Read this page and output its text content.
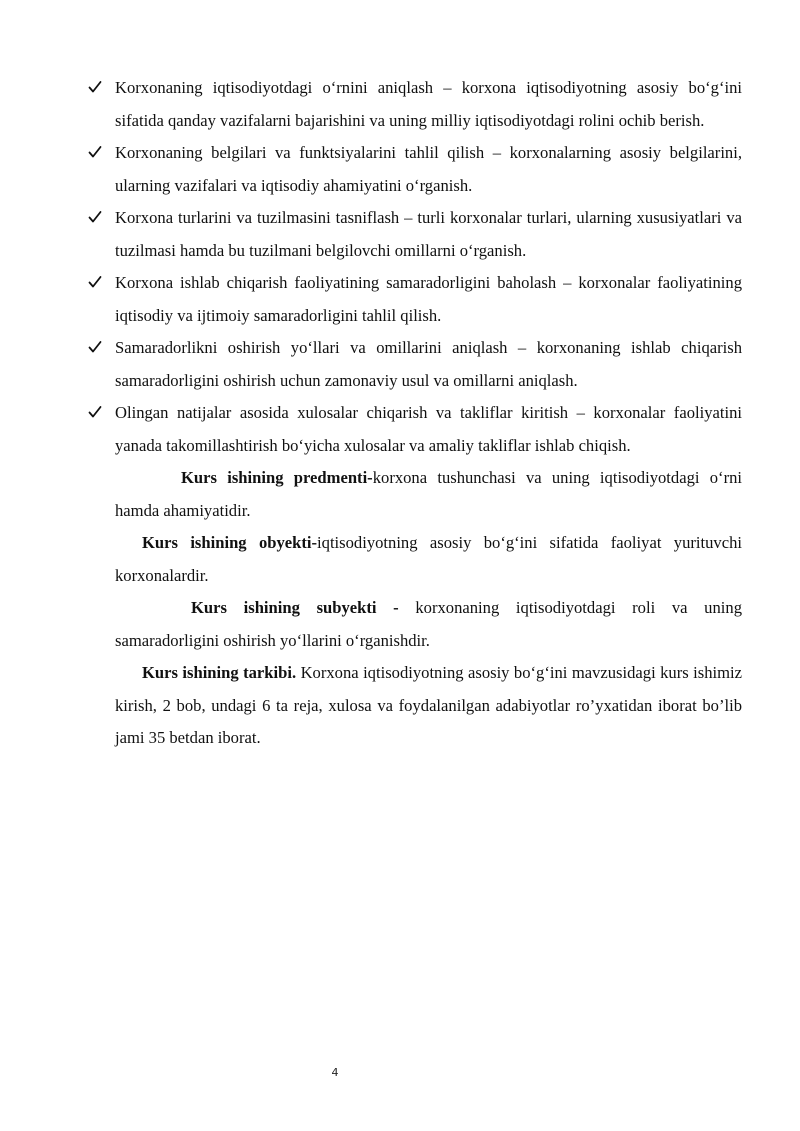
Korxonaning iqtisodiyotdagi o‘rnini aniqlash – korxona iqtisodiyotning asosiy bo‘g‘ini sifatida qanday vazifalarni bajarishini va uning milliy iqtisodiyotdagi rolini ochib berish.
Korxonaning belgilari va funktsiyalarini tahlil qilish – korxonalarning asosiy belgilarini, ularning vazifalari va iqtisodiy ahamiyatini o‘rganish.
Korxona turlarini va tuzilmasini tasniflash – turli korxonalar turlari, ularning xususiyatlari va tuzilmasi hamda bu tuzilmani belgilovchi omillarni o‘rganish.
Korxona ishlab chiqarish faoliyatining samaradorligini baholash – korxonalar faoliyatining iqtisodiy va ijtimoiy samaradorligini tahlil qilish.
Samaradorlikni oshirish yo‘llari va omillarini aniqlash – korxonaning ishlab chiqarish samaradorligini oshirish uchun zamonaviy usul va omillarni aniqlash.
Olingan natijalar asosida xulosalar chiqarish va takliflar kiritish – korxonalar faoliyatini yanada takomillashtirish bo‘yicha xulosalar va amaliy takliflar ishlab chiqish.

Kurs ishining predmenti-korxona tushunchasi va uning iqtisodiyotdagi o‘rni hamda ahamiyatidir.

Kurs ishining obyekti-iqtisodiyotning asosiy bo‘g‘ini sifatida faoliyat yurituvchi korxonalardir.

Kurs ishining subyekti - korxonaning iqtisodiyotdagi roli va uning samaradorligini oshirish yo‘llarini o‘rganishdir.

Kurs ishining tarkibi. Korxona iqtisodiyotning asosiy bo‘g‘ini mavzusidagi kurs ishimiz kirish, 2 bob, undagi 6 ta reja, xulosa va foydalanilgan adabiyotlar ro’yxatidan iborat bo’lib jami 35 betdan iborat.

4
